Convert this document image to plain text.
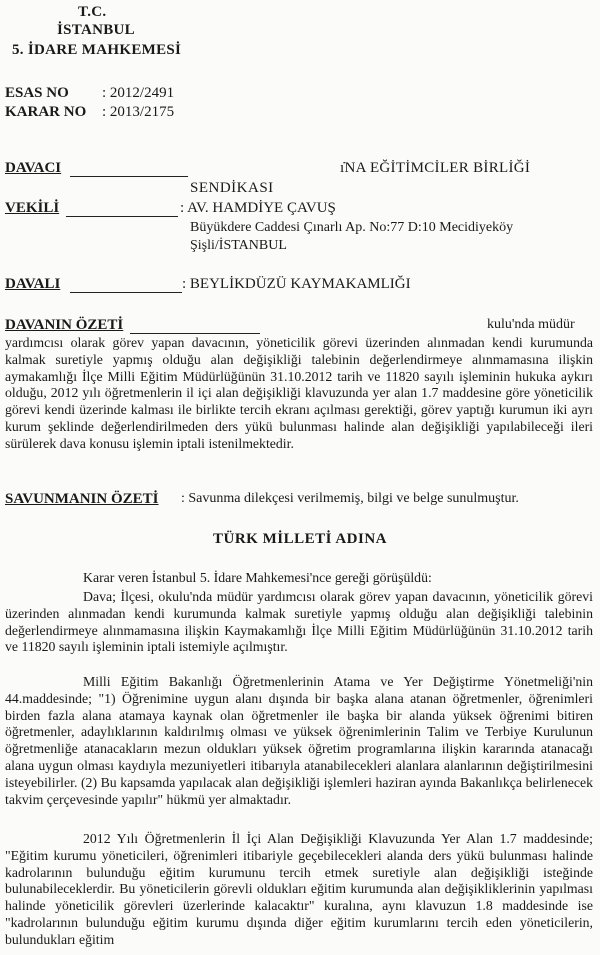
T.C.
İSTANBUL
5. İDARE MAHKEMESİ
ESAS NO : 2012/2491
KARAR NO : 2013/2175
DAVACI	ı̇NA EĞİTİMCİLER BİRLİĞİ
SENDİKASI
VEKİLİ	: AV. HAMDİYE ÇAVUŞ
Büyükdere Caddesi Çınarlı Ap. No:77 D:10 Mecidiyeköy
Şişli/İSTANBUL
DAVALI	: BEYLİKDÜZÜ KAYMAKAMLIĞI
DAVANIN ÖZETİ	kulu'nda müdür

yardımcısı olarak görev yapan davacının, yöneticilik görevi üzerinden alınmadan kendi kurumunda kalmak suretiyle yapmış olduğu alan değişikliği talebinin değerlendirmeye alınmamasına ilişkin aymakamlığı İlçe Milli Eğitim Müdürlüğünün 31.10.2012 tarih ve 11820 sayılı işleminin hukuka aykırı olduğu, 2012 yılı öğretmenlerin il içi alan değişikliği klavuzunda yer alan 1.7 maddesine göre yöneticilik görevi kendi üzerinde kalması ile birlikte tercih ekranı açılması gerektiği, görev yaptığı kurumun iki ayrı kurum şeklinde değerlendirilmeden ders yükü bulunması halinde alan değişikliği yapılabileceği ileri sürülerek dava konusu işlemin iptali istenilmektedir.

SAVUNMANIN ÖZETİ : Savunma dilekçesi verilmemiş, bilgi ve belge sunulmuştur.
TÜRK MİLLETİ ADINA

Karar veren İstanbul 5. İdare Mahkemesi'nce gereği görüşüldü:

Dava; İlçesi, okulu'nda müdür yardımcısı olarak görev yapan davacının, yöneticilik görevi üzerinden alınmadan kendi kurumunda kalmak suretiyle yapmış olduğu alan değişikliği talebinin değerlendirmeye alınmamasına ilişkin Kaymakamlığı İlçe Milli Eğitim Müdürlüğünün 31.10.2012 tarih ve 11820 sayılı işleminin iptali istemiyle açılmıştır.

Milli Eğitim Bakanlığı Öğretmenlerinin Atama ve Yer Değiştirme Yönetmeliği'nin 44.maddesinde; "1) Öğrenimine uygun alanı dışında bir başka alana atanan öğretmenler, öğrenimleri birden fazla alana atamaya kaynak olan öğretmenler ile başka bir alanda yüksek öğrenimi bitiren öğretmenler, adaylıklarının kaldırılmış olması ve yüksek öğrenimlerinin Talim ve Terbiye Kurulunun öğretmenliğe atanacakların mezun oldukları yüksek öğretim programlarına ilişkin kararında atanacağı alana uygun olması kaydıyla mezuniyetleri itibarıyla atanabilecekleri alanlara alanlarının değiştirilmesini isteyebilirler. (2) Bu kapsamda yapılacak alan değişikliği işlemleri haziran ayında Bakanlıkça belirlenecek takvim çerçevesinde yapılır" hükmü yer almaktadır.

2012 Yılı Öğretmenlerin İl İçi Alan Değişikliği Klavuzunda Yer Alan 1.7 maddesinde; "Eğitim kurumu yöneticileri, öğrenimleri itibariyle geçebilecekleri alanda ders yükü bulunması halinde kadrolarının bulunduğu eğitim kurumunu tercih etmek suretiyle alan değişikliği isteğinde bulunabileceklerdir. Bu yöneticilerin görevli oldukları eğitim kurumunda alan değişikliklerinin yapılması halinde yöneticilik görevleri üzerlerinde kalacaktır" kuralına, aynı klavuzun 1.8 maddesinde ise "kadrolarının bulunduğu eğitim kurumu dışında diğer eğitim kurumlarını tercih eden yöneticilerin, bulundukları eğitim
